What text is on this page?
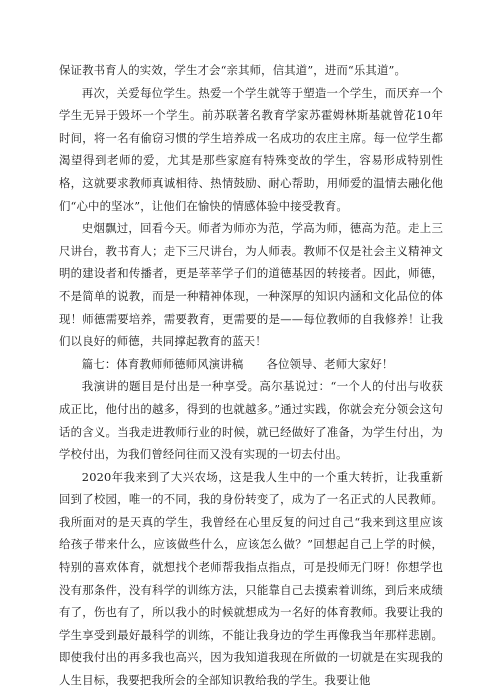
保证教书育人的实效，学生才会“亲其师，信其道”，进而“乐其道”。

再次，关爱每位学生。热爱一个学生就等于塑造一个学生，而厌弃一个学生无异于毁坏一个学生。前苏联著名教育学家苏霍姆林斯基就曾花10年时间，将一名有偷窃习惯的学生培养成一名成功的农庄主席。每一位学生都渴望得到老师的爱，尤其是那些家庭有特殊变故的学生，容易形成特别性格，这就要求教师真诚相待、热情鼓励、耐心帮助，用师爱的温情去融化他们“心中的坚冰”，让他们在愉快的情感体验中接受教育。

史烟飘过，回看今天。师者为师亦为范，学高为师，德高为范。走上三尺讲台，教书育人；走下三尺讲台，为人师表。教师不仅是社会主义精神文明的建设者和传播者，更是莘莘学子们的道德基因的转接者。因此，师德，不是简单的说教，而是一种精神体现，一种深厚的知识内涵和文化品位的体现！师德需要培养，需要教育，更需要的是——每位教师的自我修养！让我们以良好的师德，共同撑起教育的蓝天！

篇七：体育教师师德师风演讲稿　　各位领导、老师大家好！

我演讲的题目是付出是一种享受。高尔基说过：“一个人的付出与收获成正比，他付出的越多，得到的也就越多。”通过实践，你就会充分领会这句话的含义。当我走进教师行业的时候，就已经做好了准备，为学生付出，为学校付出，为我们曾经问往而又没有实现的一切去付出。

2020年我来到了大兴农场，这是我人生中的一个重大转折，让我重新回到了校园，唯一的不同，我的身份转变了，成为了一名正式的人民教师。我所面对的是天真的学生，我曾经在心里反复的问过自己“我来到这里应该给孩子带来什么，应该做些什么，应该怎么做？”回想起自己上学的时候，特别的喜欢体育，就想找个老师帮我指点指点，可是投师无门呀！你想学也没有那条件，没有科学的训练方法，只能靠自己去摸索着训练，到后来成绩有了，伤也有了，所以我小的时候就想成为一名好的体育教师。我要让我的学生享受到最好最科学的训练，不能让我身边的学生再像我当年那样悲剧。即使我付出的再多我也高兴，因为我知道我现在所做的一切就是在实现我的人生目标，我要把我所会的全部知识教给我的学生。我要让他
